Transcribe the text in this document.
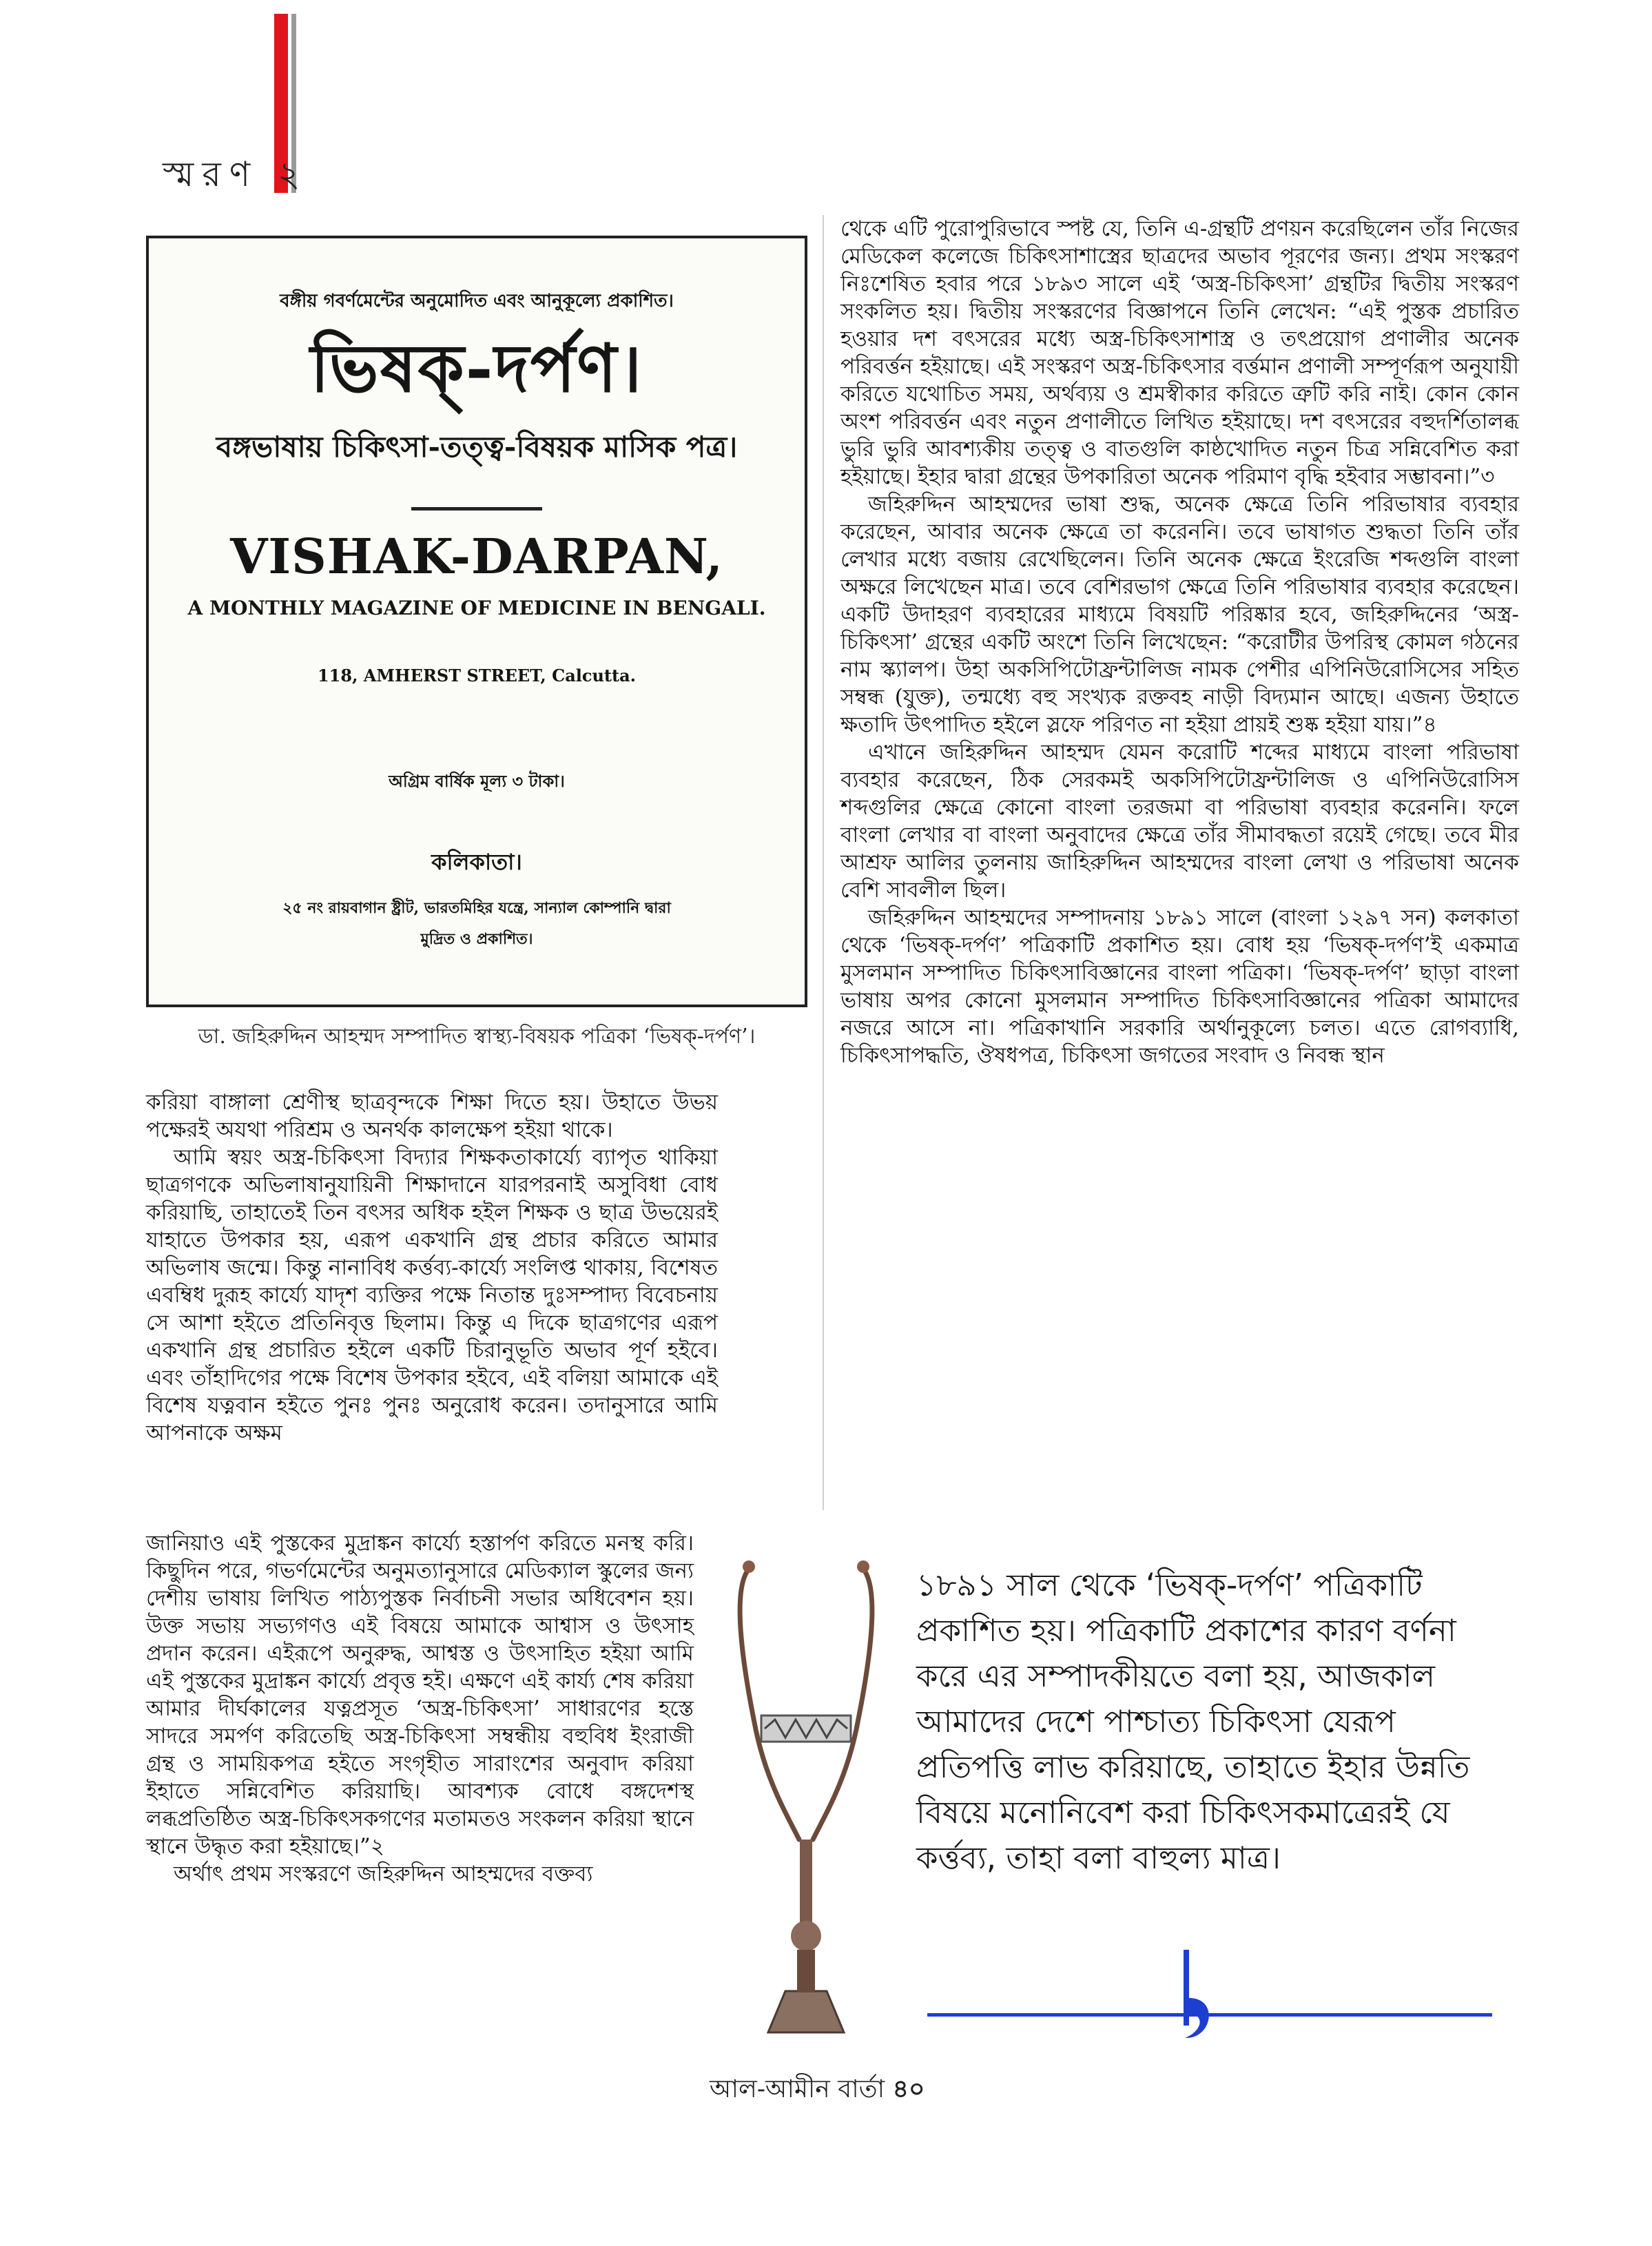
স্মরণ ২
বঙ্গীয় গবর্ণমেন্টের অনুমোদিত এবং আনুকূল্যে প্রকাশিত।
ভিষক্-দর্পণ।
বঙ্গভাষায় চিকিৎসা-তত্ত্ব-বিষয়ক মাসিক পত্র।
VISHAK-DARPAN,
A MONTHLY MAGAZINE OF MEDICINE IN BENGALI.
118, AMHERST STREET, Calcutta.
অগ্রিম বার্ষিক মূল্য ৩ টাকা।
কলিকাতা।
২৫ নং রায়বাগান ষ্ট্রীট, ভারতমিহির যন্ত্রে, সান্যাল কোম্পানি দ্বারা
মুদ্রিত ও প্রকাশিত।
ডা. জহিরুদ্দিন আহম্মদ সম্পাদিত স্বাস্থ্য-বিষয়ক পত্রিকা ‘ভিষক্-দর্পণ’।

করিয়া বাঙ্গালা শ্রেণীস্থ ছাত্রবৃন্দকে শিক্ষা দিতে হয়। উহাতে উভয় পক্ষেরই অযথা পরিশ্রম ও অনর্থক কালক্ষেপ হইয়া থাকে।

আমি স্বয়ং অস্ত্র-চিকিৎসা বিদ্যার শিক্ষকতাকার্য্যে ব্যাপৃত থাকিয়া ছাত্রগণকে অভিলাষানুযায়িনী শিক্ষাদানে যারপরনাই অসুবিধা বোধ করিয়াছি, তাহাতেই তিন বৎসর অধিক হইল শিক্ষক ও ছাত্র উভয়েরই যাহাতে উপকার হয়, এরূপ একখানি গ্রন্থ প্রচার করিতে আমার অভিলাষ জন্মে। কিন্তু নানাবিধ কর্ত্তব্য-কার্য্যে সংলিপ্ত থাকায়, বিশেষত এবম্বিধ দুরূহ কার্য্যে যাদৃশ ব্যক্তির পক্ষে নিতান্ত দুঃসম্পাদ্য বিবেচনায় সে আশা হইতে প্রতিনিবৃত্ত ছিলাম। কিন্তু এ দিকে ছাত্রগণের এরূপ একখানি গ্রন্থ প্রচারিত হইলে একটি চিরানুভূতি অভাব পূর্ণ হইবে। এবং তাঁহাদিগের পক্ষে বিশেষ উপকার হইবে, এই বলিয়া আমাকে এই বিশেষ যত্নবান হইতে পুনঃ পুনঃ অনুরোধ করেন। তদানুসারে আমি আপনাকে অক্ষম

জানিয়াও এই পুস্তকের মুদ্রাঙ্কন কার্য্যে হস্তার্পণ করিতে মনস্থ করি। কিছুদিন পরে, গভর্ণমেন্টের অনুমত্যানুসারে মেডিক্যাল স্কুলের জন্য দেশীয় ভাষায় লিখিত পাঠ্যপুস্তক নির্বাচনী সভার অধিবেশন হয়। উক্ত সভায় সভ্যগণও এই বিষয়ে আমাকে আশ্বাস ও উৎসাহ প্রদান করেন। এইরূপে অনুরুদ্ধ, আশ্বস্ত ও উৎসাহিত হইয়া আমি এই পুস্তকের মুদ্রাঙ্কন কার্য্যে প্রবৃত্ত হই। এক্ষণে এই কার্য্য শেষ করিয়া আমার দীর্ঘকালের যত্নপ্রসূত ‘অস্ত্র-চিকিৎসা’ সাধারণের হস্তে সাদরে সমর্পণ করিতেছি অস্ত্র-চিকিৎসা সম্বন্ধীয় বহুবিধ ইংরাজী গ্রন্থ ও সাময়িকপত্র হইতে সংগৃহীত সারাংশের অনুবাদ করিয়া ইহাতে সন্নিবেশিত করিয়াছি। আবশ্যক বোধে বঙ্গদেশস্থ লব্ধপ্রতিষ্ঠিত অস্ত্র-চিকিৎসকগণের মতামতও সংকলন করিয়া স্থানে স্থানে উদ্ধৃত করা হইয়াছে।”২

অর্থাৎ প্রথম সংস্করণে জহিরুদ্দিন আহম্মদের বক্তব্য

থেকে এটি পুরোপুরিভাবে স্পষ্ট যে, তিনি এ-গ্রন্থটি প্রণয়ন করেছিলেন তাঁর নিজের মেডিকেল কলেজে চিকিৎসাশাস্ত্রের ছাত্রদের অভাব পূরণের জন্য। প্রথম সংস্করণ নিঃশেষিত হবার পরে ১৮৯৩ সালে এই ‘অস্ত্র-চিকিৎসা’ গ্রন্থটির দ্বিতীয় সংস্করণ সংকলিত হয়। দ্বিতীয় সংস্করণের বিজ্ঞাপনে তিনি লেখেন: “এই পুস্তক প্রচারিত হওয়ার দশ বৎসরের মধ্যে অস্ত্র-চিকিৎসাশাস্ত্র ও তৎপ্রয়োগ প্রণালীর অনেক পরিবর্ত্তন হইয়াছে। এই সংস্করণ অস্ত্র-চিকিৎসার বর্ত্তমান প্রণালী সম্পূর্ণরূপ অনুযায়ী করিতে যথোচিত সময়, অর্থব্যয় ও শ্রমস্বীকার করিতে ত্রুটি করি নাই। কোন কোন অংশ পরিবর্ত্তন এবং নতুন প্রণালীতে লিখিত হইয়াছে। দশ বৎসরের বহুদর্শিতালব্ধ ভুরি ভুরি আবশ্যকীয় তত্ত্ব ও বাতগুলি কাষ্ঠখোদিত নতুন চিত্র সন্নিবেশিত করা হইয়াছে। ইহার দ্বারা গ্রন্থের উপকারিতা অনেক পরিমাণ বৃদ্ধি হইবার সম্ভাবনা।”৩

জহিরুদ্দিন আহম্মদের ভাষা শুদ্ধ, অনেক ক্ষেত্রে তিনি পরিভাষার ব্যবহার করেছেন, আবার অনেক ক্ষেত্রে তা করেননি। তবে ভাষাগত শুদ্ধতা তিনি তাঁর লেখার মধ্যে বজায় রেখেছিলেন। তিনি অনেক ক্ষেত্রে ইংরেজি শব্দগুলি বাংলা অক্ষরে লিখেছেন মাত্র। তবে বেশিরভাগ ক্ষেত্রে তিনি পরিভাষার ব্যবহার করেছেন। একটি উদাহরণ ব্যবহারের মাধ্যমে বিষয়টি পরিষ্কার হবে, জহিরুদ্দিনের ‘অস্ত্র-চিকিৎসা’ গ্রন্থের একটি অংশে তিনি লিখেছেন: “করোটীর উপরিস্থ কোমল গঠনের নাম স্ক্যালপ। উহা অকসিপিটোফ্রন্টালিজ নামক পেশীর এপিনিউরোসিসের সহিত সম্বন্ধ (যুক্ত), তন্মধ্যে বহু সংখ্যক রক্তবহ নাড়ী বিদ্যমান আছে। এজন্য উহাতে ক্ষতাদি উৎপাদিত হইলে স্লফে পরিণত না হইয়া প্রায়ই শুষ্ক হইয়া যায়।”৪

এখানে জহিরুদ্দিন আহম্মদ যেমন করোটি শব্দের মাধ্যমে বাংলা পরিভাষা ব্যবহার করেছেন, ঠিক সেরকমই অকসিপিটোফ্রন্টালিজ ও এপিনিউরোসিস শব্দগুলির ক্ষেত্রে কোনো বাংলা তরজমা বা পরিভাষা ব্যবহার করেননি। ফলে বাংলা লেখার বা বাংলা অনুবাদের ক্ষেত্রে তাঁর সীমাবদ্ধতা রয়েই গেছে। তবে মীর আশ্রফ আলির তুলনায় জাহিরুদ্দিন আহম্মদের বাংলা লেখা ও পরিভাষা অনেক বেশি সাবলীল ছিল।

জহিরুদ্দিন আহম্মদের সম্পাদনায় ১৮৯১ সালে (বাংলা ১২৯৭ সন) কলকাতা থেকে ‘ভিষক্-দর্পণ’ পত্রিকাটি প্রকাশিত হয়। বোধ হয় ‘ভিষক্-দর্পণ’ই একমাত্র মুসলমান সম্পাদিত চিকিৎসাবিজ্ঞানের বাংলা পত্রিকা। ‘ভিষক্-দর্পণ’ ছাড়া বাংলা ভাষায় অপর কোনো মুসলমান সম্পাদিত চিকিৎসাবিজ্ঞানের পত্রিকা আমাদের নজরে আসে না। পত্রিকাখানি সরকারি অর্থানুকূল্যে চলত। এতে রোগব্যাধি, চিকিৎসাপদ্ধতি, ঔষধপত্র, চিকিৎসা জগতের সংবাদ ও নিবন্ধ স্থান

১৮৯১ সাল থেকে ‘ভিষক্-দর্পণ’ পত্রিকাটি প্রকাশিত হয়। পত্রিকাটি প্রকাশের কারণ বর্ণনা করে এর সম্পাদকীয়তে বলা হয়, আজকাল আমাদের দেশে পাশ্চাত্য চিকিৎসা যেরূপ প্রতিপত্তি লাভ করিয়াছে, তাহাতে ইহার উন্নতি বিষয়ে মনোনিবেশ করা চিকিৎসকমাত্রেরই যে কর্ত্তব্য, তাহা বলা বাহুল্য মাত্র।
আল-আমীন বার্তা ৪০
